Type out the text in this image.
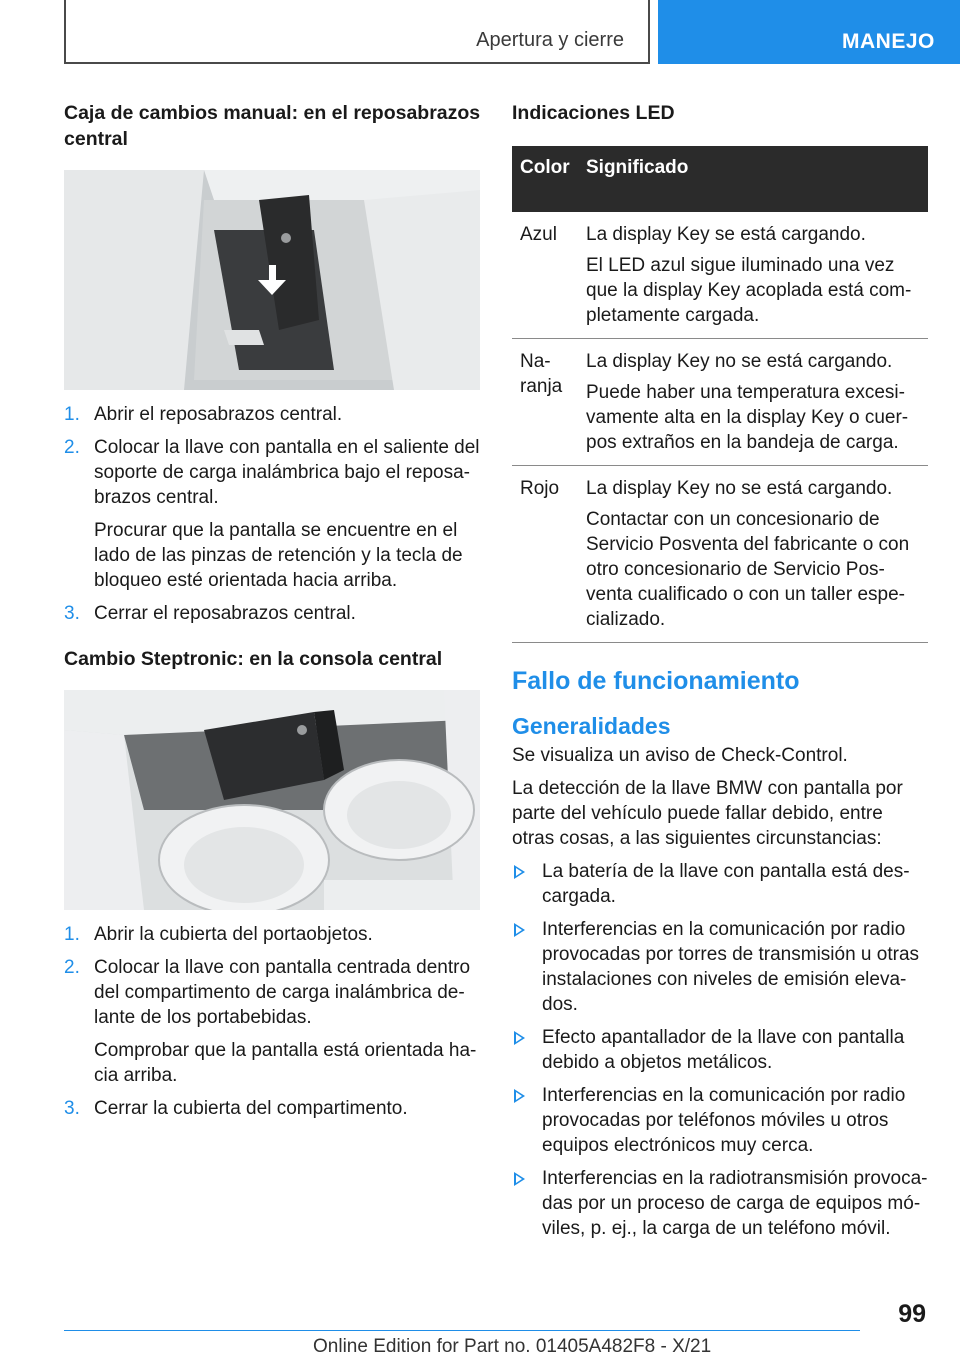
Apertura y cierre	MANEJO
Caja de cambios manual: en el reposabrazos central
1. Abrir el reposabrazos central.

2. Colocar la llave con pantalla en el saliente del soporte de carga inalámbrica bajo el reposabrazos central.

Procurar que la pantalla se encuentre en el lado de las pinzas de retención y la tecla de bloqueo esté orientada hacia arriba.

3. Cerrar el reposabrazos central.

Cambio Steptronic: en la consola central
1. Abrir la cubierta del portaobjetos.

2. Colocar la llave con pantalla centrada dentro del compartimento de carga inalámbrica delante de los portabebidas.

Comprobar que la pantalla está orientada hacia arriba.

3. Cerrar la cubierta del compartimento.

Indicaciones LED
Color	Significado
Azul	La display Key se está cargando.

El LED azul sigue iluminado una vez que la display Key acoplada está completamente cargada.

Naranja	La display Key no se está cargando.

Puede haber una temperatura excesivamente alta en la display Key o cuerpos extraños en la bandeja de carga.

Rojo	La display Key no se está cargando.

Contactar con un concesionario de Servicio Posventa del fabricante o con otro concesionario de Servicio Posventa cualificado o con un taller especializado.

Fallo de funcionamiento
Generalidades

Se visualiza un aviso de Check-Control.

La detección de la llave BMW con pantalla por parte del vehículo puede fallar debido, entre otras cosas, a las siguientes circunstancias:

La batería de la llave con pantalla está descargada.
Interferencias en la comunicación por radio provocadas por torres de transmisión u otras instalaciones con niveles de emisión elevados.
Efecto apantallador de la llave con pantalla debido a objetos metálicos.
Interferencias en la comunicación por radio provocadas por teléfonos móviles u otros equipos electrónicos muy cerca.
Interferencias en la radiotransmisión provocadas por un proceso de carga de equipos móviles, p. ej., la carga de un teléfono móvil.
99
Online Edition for Part no. 01405A482F8 - X/21
